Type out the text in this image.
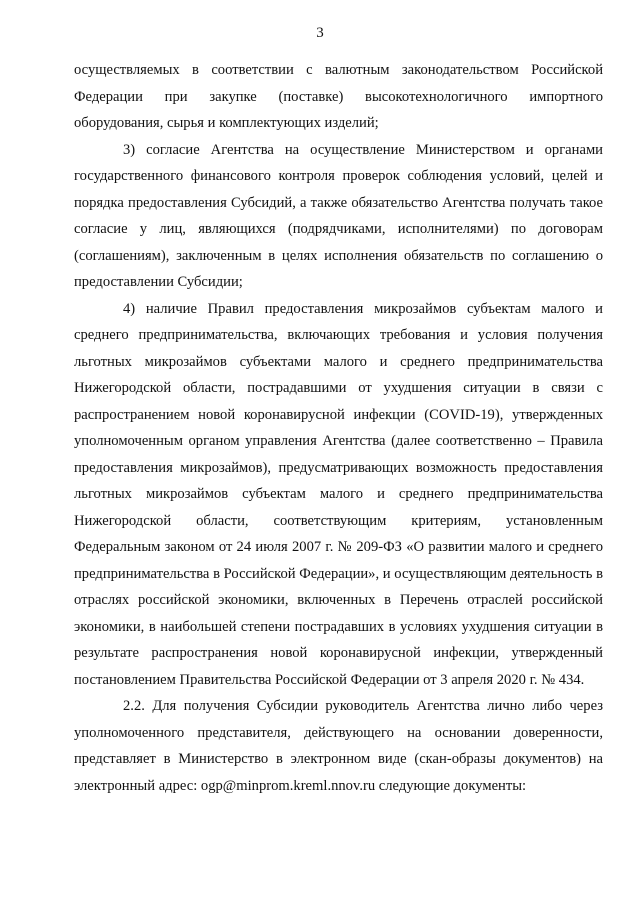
3

осуществляемых в соответствии с валютным законодательством Российской Федерации при закупке (поставке) высокотехнологичного импортного оборудования, сырья и комплектующих изделий;

3) согласие Агентства на осуществление Министерством и органами государственного финансового контроля проверок соблюдения условий, целей и порядка предоставления Субсидий, а также обязательство Агентства получать такое согласие у лиц, являющихся (подрядчиками, исполнителями) по договорам (соглашениям), заключенным в целях исполнения обязательств по соглашению о предоставлении Субсидии;

4) наличие Правил предоставления микрозаймов субъектам малого и среднего предпринимательства, включающих требования и условия получения льготных микрозаймов субъектами малого и среднего предпринимательства Нижегородской области, пострадавшими от ухудшения ситуации в связи с распространением новой коронавирусной инфекции (COVID-19), утвержденных уполномоченным органом управления Агентства (далее соответственно – Правила предоставления микрозаймов), предусматривающих возможность предоставления льготных микрозаймов субъектам малого и среднего предпринимательства Нижегородской области, соответствующим критериям, установленным Федеральным законом от 24 июля 2007 г. № 209-ФЗ «О развитии малого и среднего предпринимательства в Российской Федерации», и осуществляющим деятельность в отраслях российской экономики, включенных в Перечень отраслей российской экономики, в наибольшей степени пострадавших в условиях ухудшения ситуации в результате распространения новой коронавирусной инфекции, утвержденный постановлением Правительства Российской Федерации от 3 апреля 2020 г. № 434.

2.2. Для получения Субсидии руководитель Агентства лично либо через уполномоченного представителя, действующего на основании доверенности, представляет в Министерство в электронном виде (скан-образы документов) на электронный адрес: ogp@minprom.kreml.nnov.ru следующие документы:
